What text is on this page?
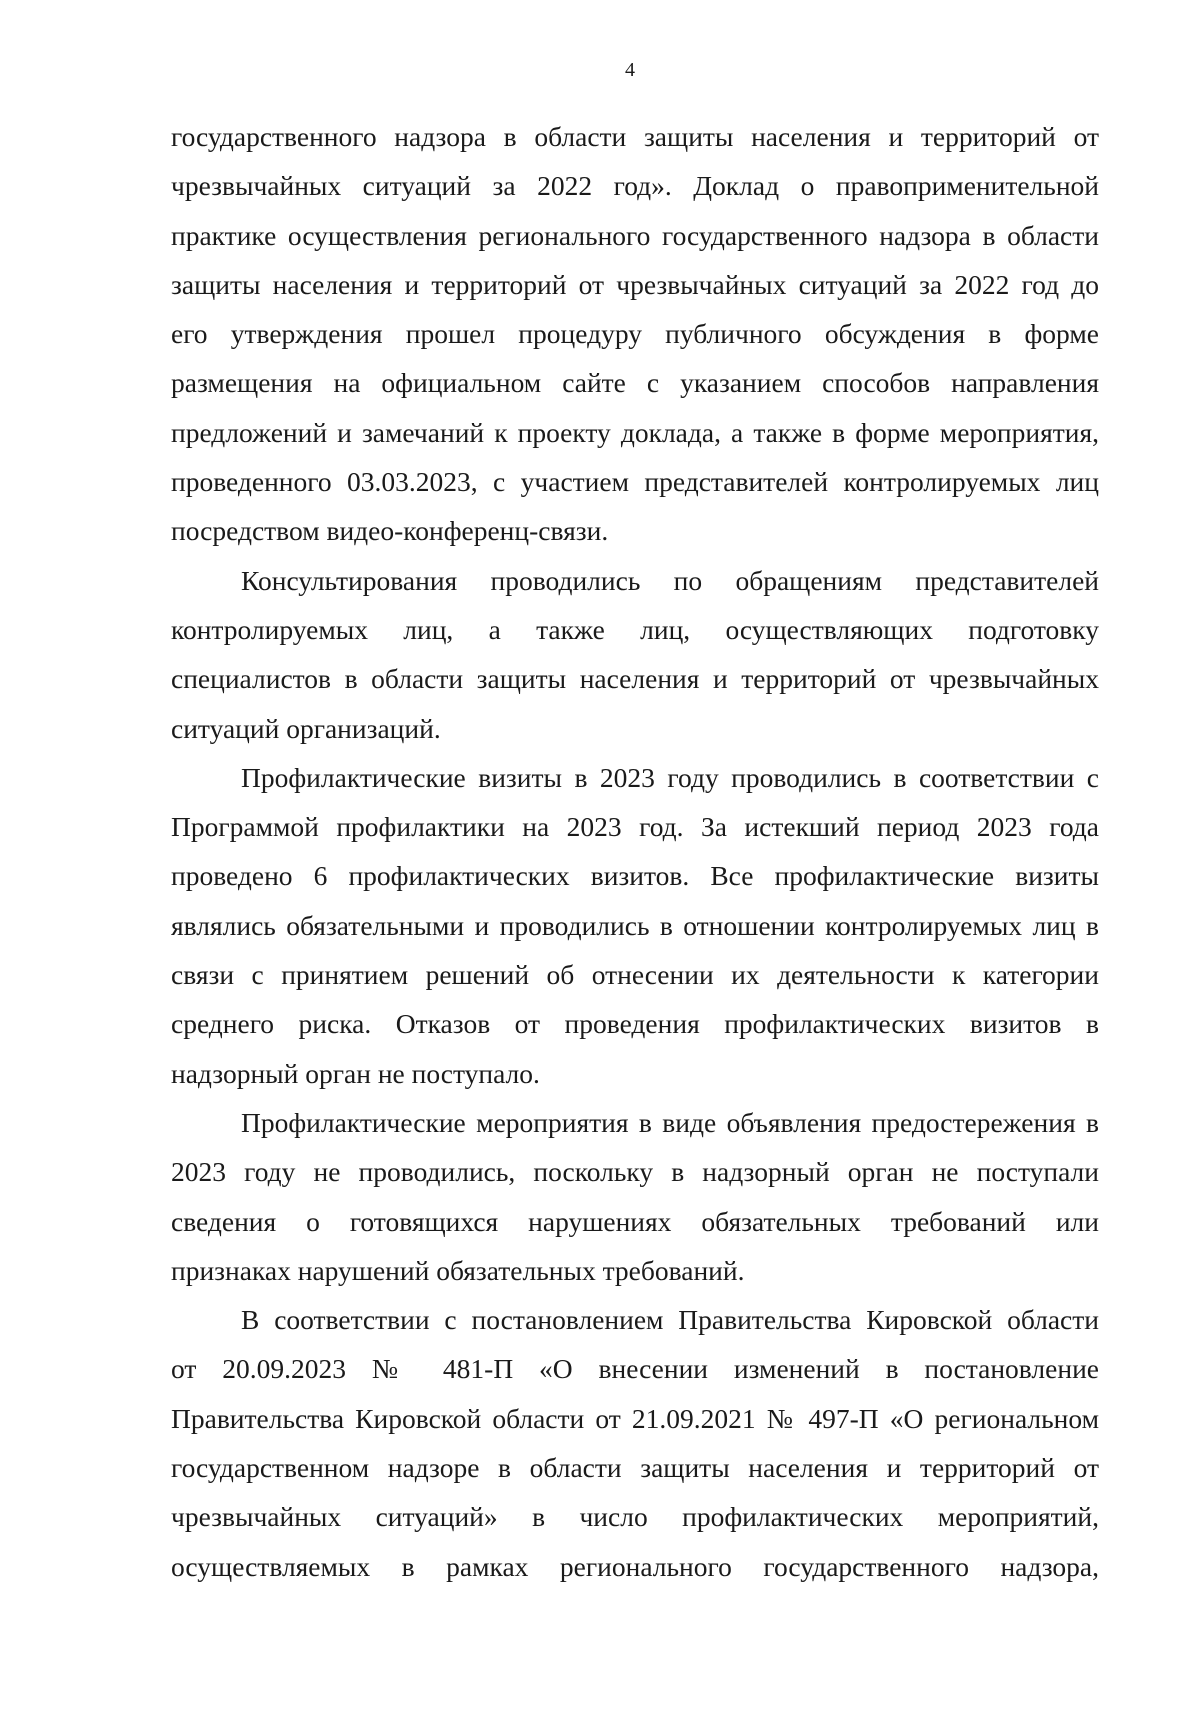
4
государственного надзора в области защиты населения и территорий от
чрезвычайных ситуаций за 2022 год». Доклад о правоприменительной
практике осуществления регионального государственного надзора в области
защиты населения и территорий от чрезвычайных ситуаций за 2022 год до
его утверждения прошел процедуру публичного обсуждения в форме
размещения на официальном сайте с указанием способов направления
предложений и замечаний к проекту доклада, а также в форме мероприятия,
проведенного 03.03.2023, с участием представителей контролируемых лиц
посредством видео-конференц-связи.
Консультирования проводились по обращениям представителей
контролируемых лиц, а также лиц, осуществляющих подготовку
специалистов в области защиты населения и территорий от чрезвычайных
ситуаций организаций.
Профилактические визиты в 2023 году проводились в соответствии с
Программой профилактики на 2023 год. За истекший период 2023 года
проведено 6 профилактических визитов. Все профилактические визиты
являлись обязательными и проводились в отношении контролируемых лиц в
связи с принятием решений об отнесении их деятельности к категории
среднего риска. Отказов от проведения профилактических визитов в
надзорный орган не поступало.
Профилактические мероприятия в виде объявления предостережения в
2023 году не проводились, поскольку в надзорный орган не поступали
сведения о готовящихся нарушениях обязательных требований или
признаках нарушений обязательных требований.
В соответствии с постановлением Правительства Кировской области
от 20.09.2023 № 481-П «О внесении изменений в постановление
Правительства Кировской области от 21.09.2021 № 497-П «О региональном
государственном надзоре в области защиты населения и территорий от
чрезвычайных ситуаций» в число профилактических мероприятий,
осуществляемых в рамках регионального государственного надзора,
